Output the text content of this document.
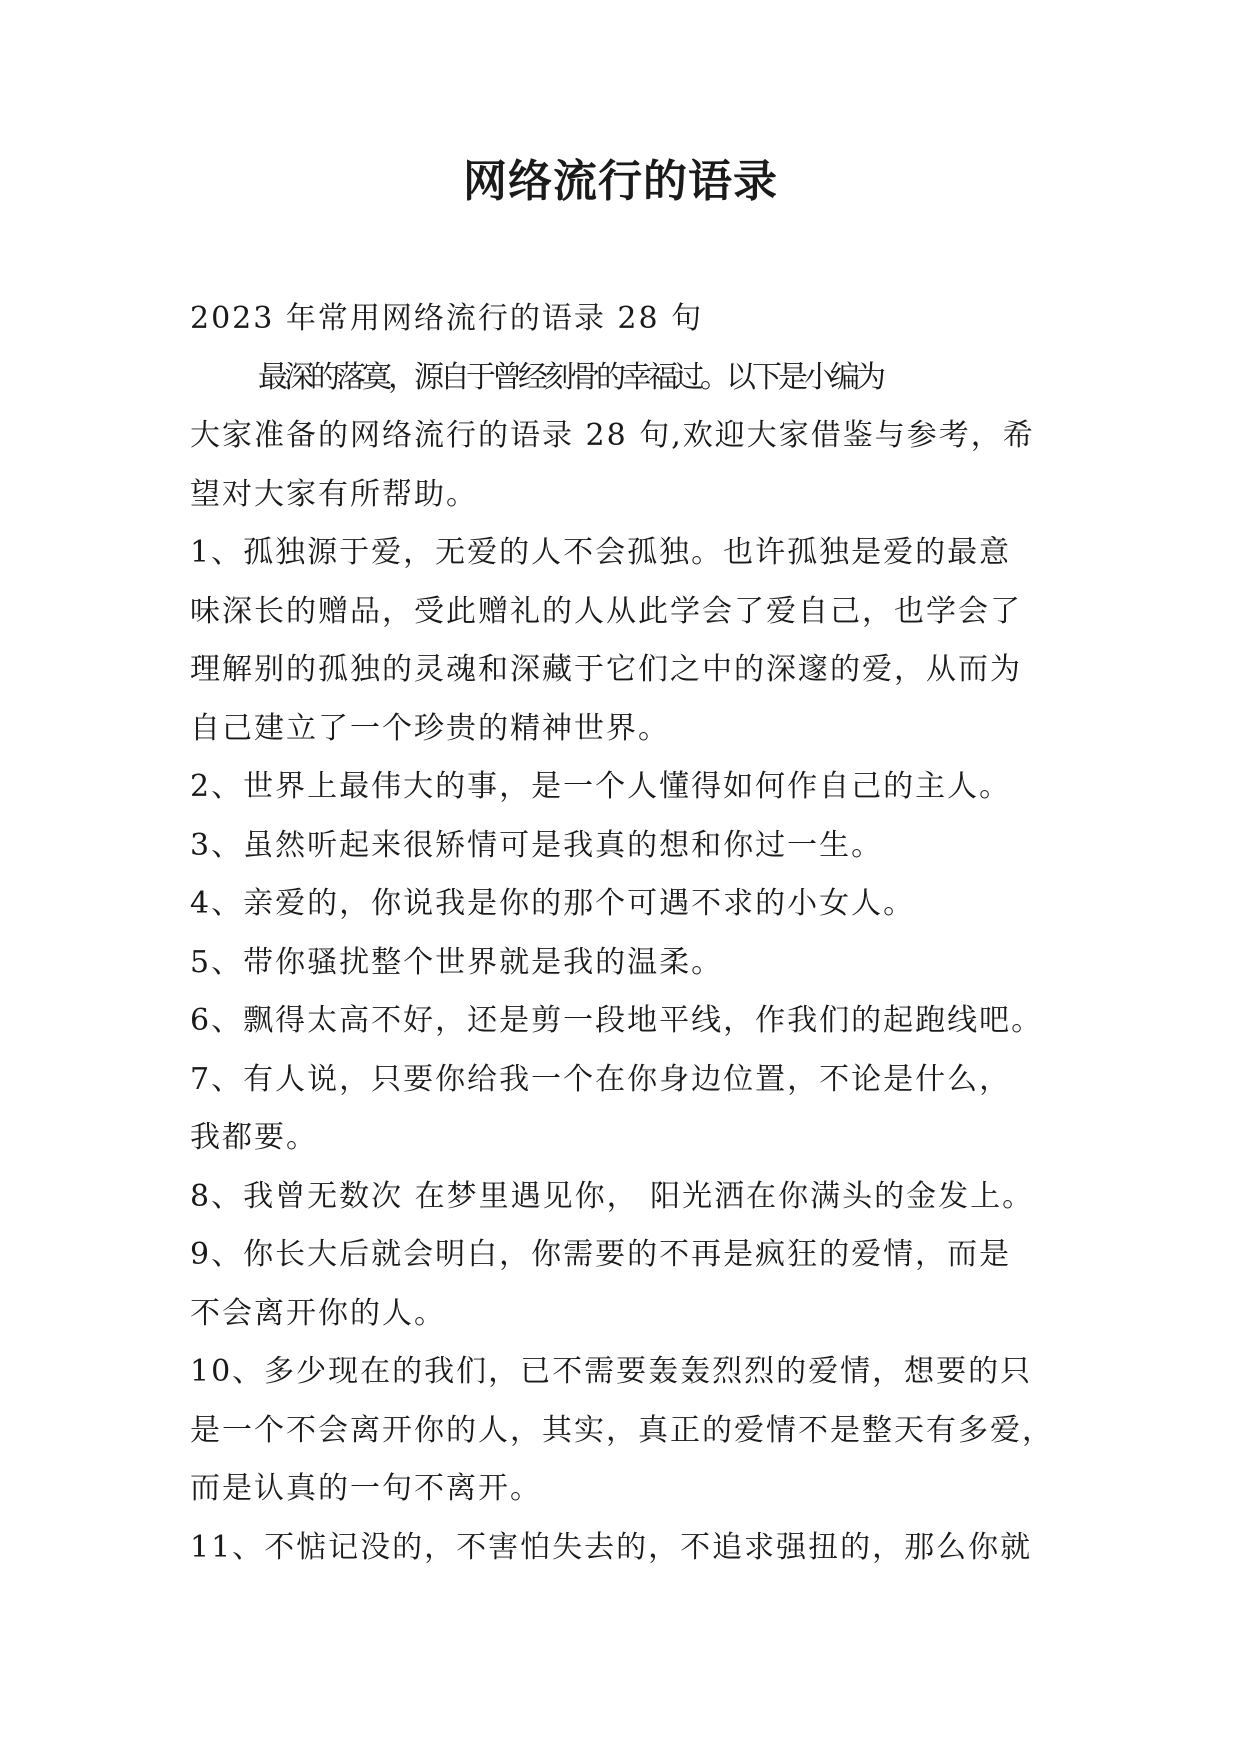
网络流行的语录
2023 年常用网络流行的语录 28 句
最深的落寞，源自于曾经刻骨的幸福过。以下是小编为
大家准备的网络流行的语录 28 句,欢迎大家借鉴与参考，希
望对大家有所帮助。
1、孤独源于爱，无爱的人不会孤独。也许孤独是爱的最意
味深长的赠品，受此赠礼的人从此学会了爱自己，也学会了
理解别的孤独的灵魂和深藏于它们之中的深邃的爱，从而为
自己建立了一个珍贵的精神世界。
2、世界上最伟大的事，是一个人懂得如何作自己的主人。
3、虽然听起来很矫情可是我真的想和你过一生。
4、亲爱的，你说我是你的那个可遇不求的小女人。
5、带你骚扰整个世界就是我的温柔。
6、飘得太高不好，还是剪一段地平线，作我们的起跑线吧。
7、有人说，只要你给我一个在你身边位置，不论是什么，
我都要。
8、我曾无数次 在梦里遇见你， 阳光洒在你满头的金发上。
9、你长大后就会明白，你需要的不再是疯狂的爱情，而是
不会离开你的人。
10、多少现在的我们，已不需要轰轰烈烈的爱情，想要的只
是一个不会离开你的人，其实，真正的爱情不是整天有多爱，
而是认真的一句不离开。
11、不惦记没的，不害怕失去的，不追求强扭的，那么你就
